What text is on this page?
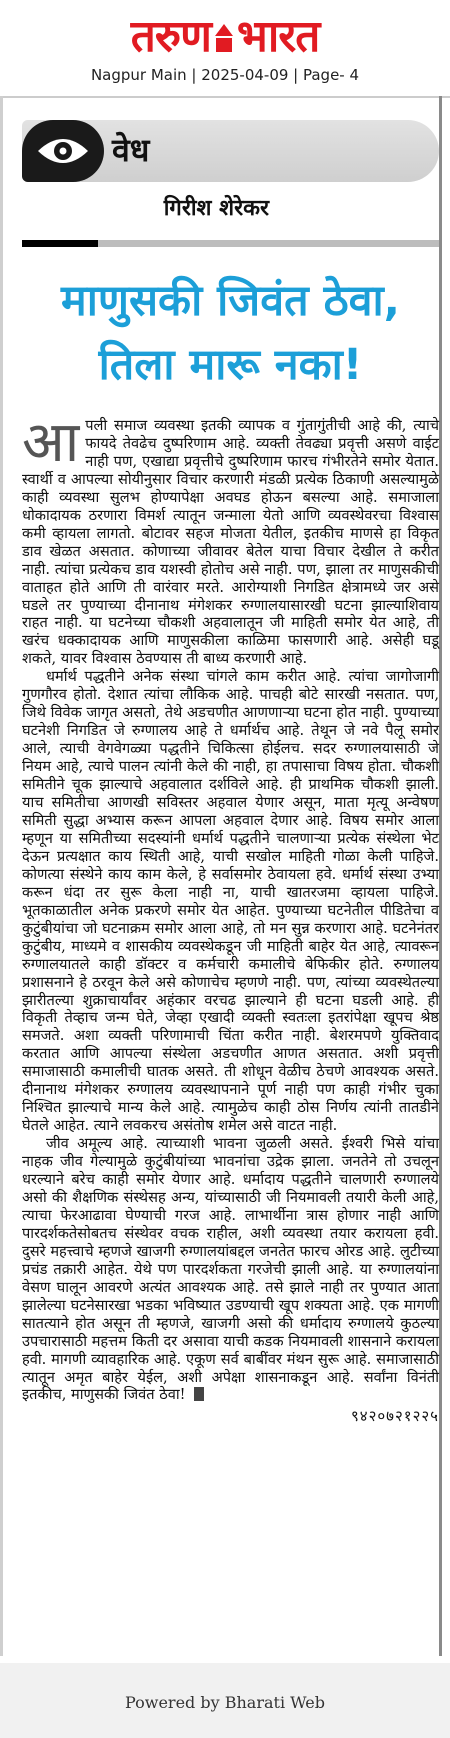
तरुण भारत
Nagpur Main | 2025-04-09 | Page- 4
वेध
गिरीश शेरेकर
माणुसकी जिवंत ठेवा,
तिला मारू नका!

आपली समाज व्यवस्था इतकी व्यापक व गुंतागुंतीची आहे की, त्याचे फायदे तेवढेच दुष्परिणाम आहे. व्यक्ती तेवढ्या प्रवृत्ती असणे वाईट नाही पण, एखाद्या प्रवृत्तीचे दुष्परिणाम फारच गंभीरतेने समोर येतात. स्वार्थी व आपल्या सोयीनुसार विचार करणारी मंडळी प्रत्येक ठिकाणी असल्यामुळे काही व्यवस्था सुलभ होण्यापेक्षा अवघड होऊन बसल्या आहे. समाजाला धोकादायक ठरणारा विमर्श त्यातून जन्माला येतो आणि व्यवस्थेवरचा विश्वास कमी व्हायला लागतो. बोटावर सहज मोजता येतील, इतकीच माणसे हा विकृत डाव खेळत असतात. कोणाच्या जीवावर बेतेल याचा विचार देखील ते करीत नाही. त्यांचा प्रत्येकच डाव यशस्वी होतोच असे नाही. पण, झाला तर माणुसकीची वाताहत होते आणि ती वारंवार मरते. आरोग्याशी निगडित क्षेत्रामध्ये जर असे घडले तर पुण्याच्या दीनानाथ मंगेशकर रुग्णालयासारखी घटना झाल्याशिवाय राहत नाही. या घटनेच्या चौकशी अहवालातून जी माहिती समोर येत आहे, ती खरंच धक्कादायक आणि माणुसकीला काळिमा फासणारी आहे. असेही घडू शकते, यावर विश्वास ठेवण्यास ती बाध्य करणारी आहे.

धर्मार्थ पद्धतीने अनेक संस्था चांगले काम करीत आहे. त्यांचा जागोजागी गुणगौरव होतो. देशात त्यांचा लौकिक आहे. पाचही बोटे सारखी नसतात. पण, जिथे विवेक जागृत असतो, तेथे अडचणीत आणणाऱ्या घटना होत नाही. पुण्याच्या घटनेशी निगडित जे रुग्णालय आहे ते धर्मार्थच आहे. तेथून जे नवे पैलू समोर आले, त्याची वेगवेगळ्या पद्धतीने चिकित्सा होईलच. सदर रुग्णालयासाठी जे नियम आहे, त्याचे पालन त्यांनी केले की नाही, हा तपासाचा विषय होता. चौकशी समितीने चूक झाल्याचे अहवालात दर्शविले आहे. ही प्राथमिक चौकशी झाली. याच समितीचा आणखी सविस्तर अहवाल येणार असून, माता मृत्यू अन्वेषण समिती सुद्धा अभ्यास करून आपला अहवाल देणार आहे. विषय समोर आला म्हणून या समितीच्या सदस्यांनी धर्मार्थ पद्धतीने चालणाऱ्या प्रत्येक संस्थेला भेट देऊन प्रत्यक्षात काय स्थिती आहे, याची सखोल माहिती गोळा केली पाहिजे. कोणत्या संस्थेने काय काम केले, हे सर्वासमोर ठेवायला हवे. धर्मार्थ संस्था उभ्या करून धंदा तर सुरू केला नाही ना, याची खातरजमा व्हायला पाहिजे. भूतकाळातील अनेक प्रकरणे समोर येत आहेत. पुण्याच्या घटनेतील पीडितेचा व कुटुंबीयांचा जो घटनाक्रम समोर आला आहे, तो मन सुन्न करणारा आहे. घटनेनंतर कुटुंबीय, माध्यमे व शासकीय व्यवस्थेकडून जी माहिती बाहेर येत आहे, त्यावरून रुग्णालयातले काही डॉक्टर व कर्मचारी कमालीचे बेफिकीर होते. रुग्णालय प्रशासनाने हे ठरवून केले असे कोणाचेच म्हणणे नाही. पण, त्यांच्या व्यवस्थेतल्या झारीतल्या शुक्राचार्यांवर अहंकार वरचढ झाल्याने ही घटना घडली आहे. ही विकृती तेव्हाच जन्म घेते, जेव्हा एखादी व्यक्ती स्वतःला इतरांपेक्षा खूपच श्रेष्ठ समजते. अशा व्यक्ती परिणामाची चिंता करीत नाही. बेशरमपणे युक्तिवाद करतात आणि आपल्या संस्थेला अडचणीत आणत असतात. अशी प्रवृत्ती समाजासाठी कमालीची घातक असते. ती शोधून वेळीच ठेचणे आवश्यक असते. दीनानाथ मंगेशकर रुग्णालय व्यवस्थापनाने पूर्ण नाही पण काही गंभीर चुका निश्चित झाल्याचे मान्य केले आहे. त्यामुळेच काही ठोस निर्णय त्यांनी तातडीने घेतले आहेत. त्याने लवकरच असंतोष शमेल असे वाटत नाही.

जीव अमूल्य आहे. त्याच्याशी भावना जुळली असते. ईश्वरी भिसे यांचा नाहक जीव गेल्यामुळे कुटुंबीयांच्या भावनांचा उद्रेक झाला. जनतेने तो उचलून धरल्याने बरेच काही समोर येणार आहे. धर्मादाय पद्धतीने चालणारी रुग्णालये असो की शैक्षणिक संस्थेसह अन्य, यांच्यासाठी जी नियमावली तयारी केली आहे, त्याचा फेरआढावा घेण्याची गरज आहे. लाभार्थीना त्रास होणार नाही आणि पारदर्शकतेसोबतच संस्थेवर वचक राहील, अशी व्यवस्था तयार करायला हवी. दुसरे महत्त्वाचे म्हणजे खाजगी रुग्णालयांबद्दल जनतेत फारच ओरड आहे. लुटीच्या प्रचंड तक्रारी आहेत. येथे पण पारदर्शकता गरजेची झाली आहे. या रुग्णालयांना वेसण घालून आवरणे अत्यंत आवश्यक आहे. तसे झाले नाही तर पुण्यात आता झालेल्या घटनेसारखा भडका भविष्यात उडण्याची खूप शक्यता आहे. एक मागणी सातत्याने होत असून ती म्हणजे, खाजगी असो की धर्मादाय रुग्णालये कुठल्या उपचारासाठी महत्तम किती दर असावा याची कडक नियमावली शासनाने करायला हवी. मागणी व्यावहारिक आहे. एकूण सर्व बाबींवर मंथन सुरू आहे. समाजासाठी त्यातून अमृत बाहेर येईल, अशी अपेक्षा शासनाकडून आहे. सर्वांना विनंती इतकीच, माणुसकी जिवंत ठेवा!

९४२०७२१२२५
Powered by Bharati Web
